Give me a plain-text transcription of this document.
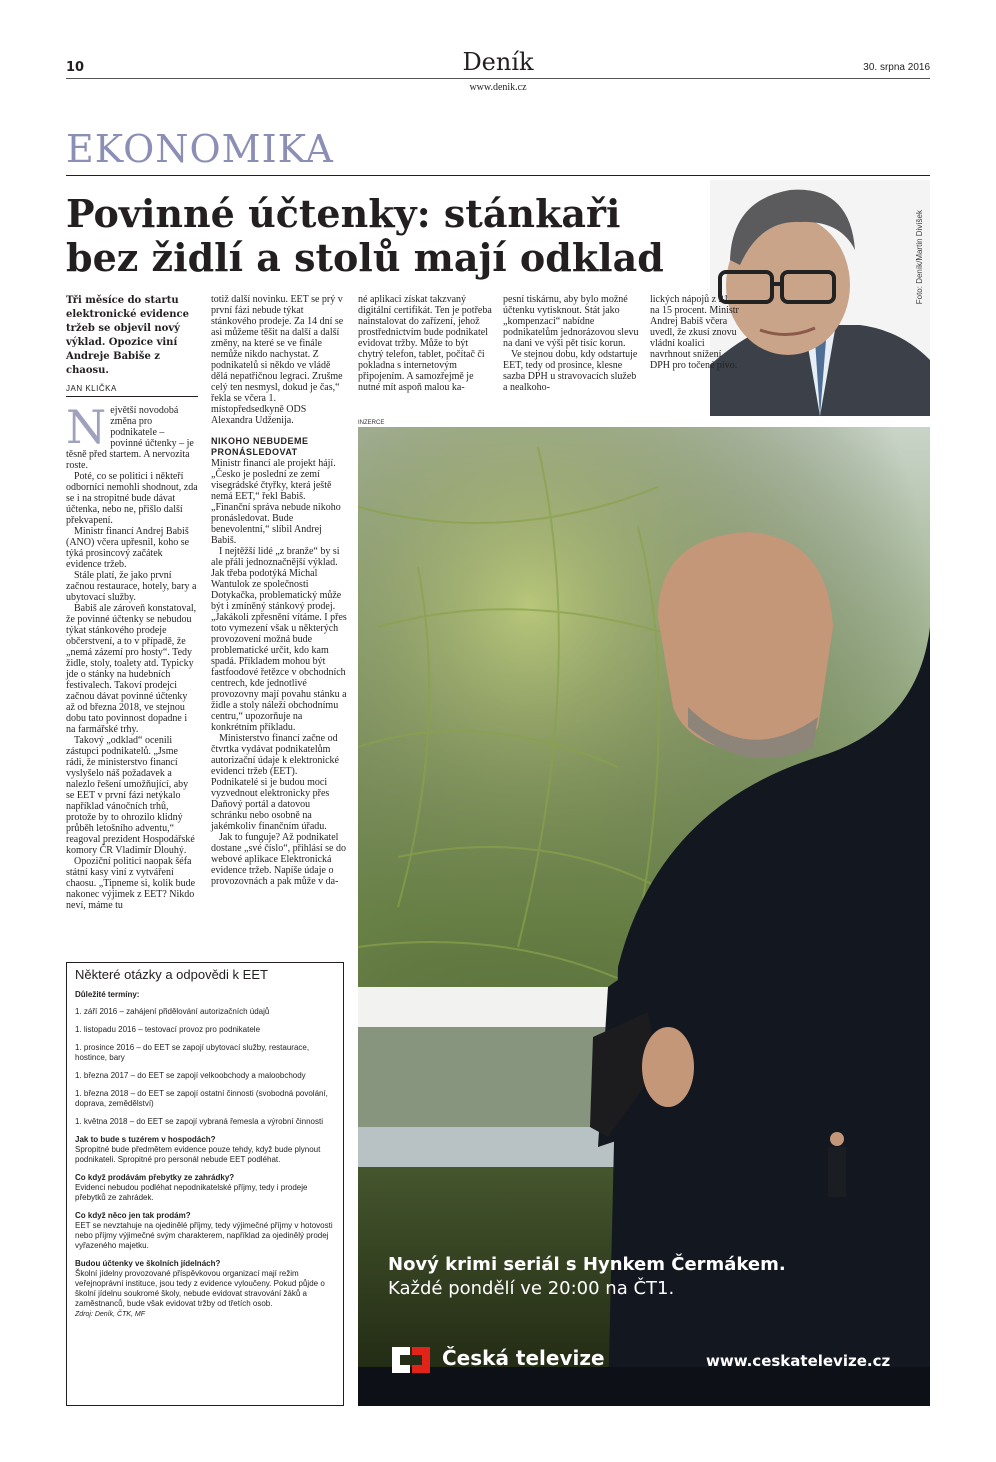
10	Deník	30. srpna 2016
www.denik.cz
EKONOMIKA
Povinné účtenky: stánkaři bez židlí a stolů mají odklad	Foto: Deník/Martin Divíšek
Tři měsíce do startu elektronické evidence tržeb se objevil nový výklad. Opozice viní Andreje Babiše z chaosu.
JAN KLIČKA
N ejvětší novodobá změna pro podnikatele – povinné účtenky – je těsně před startem. A nervozita roste.

Poté, co se politici i někteří odborníci nemohli shodnout, zda se i na stropitné bude dávat účtenka, nebo ne, přišlo další překvapení.

Ministr financí Andrej Babiš (ANO) včera upřesnil, koho se týká prosincový začátek evidence tržeb.

Stále platí, že jako první začnou restaurace, hotely, bary a ubytovací služby.

Babiš ale zároveň konstatoval, že povinné účtenky se nebudou týkat stánkového prodeje občerstvení, a to v případě, že „nemá zázemí pro hosty“. Tedy židle, stoly, toalety atd. Typicky jde o stánky na hudebních festivalech. Takoví prodejci začnou dávat povinné účtenky až od března 2018, ve stejnou dobu tato povinnost dopadne i na farmářské trhy.

Takový „odklad“ ocenili zástupci podnikatelů. „Jsme rádi, že ministerstvo financí vyslyšelo náš požadavek a nalezlo řešení umožňující, aby se EET v první fázi netýkalo například vánočních trhů, protože by to ohrozilo klidný průběh letošního adventu,“ reagoval prezident Hospodářské komory ČR Vladimír Dlouhý.

Opoziční politici naopak šéfa státní kasy viní z vytváření chaosu. „Tipneme si, kolik bude nakonec výjimek z EET? Nikdo neví, máme tu

totiž další novinku. EET se prý v první fázi nebude týkat stánkového prodeje. Za 14 dní se asi můžeme těšit na další a další změny, na které se ve finále nemůže nikdo nachystat. Z podnikatelů si někdo ve vládě dělá nepatřičnou legraci. Zrušme celý ten nesmysl, dokud je čas,“ řekla se včera 1. místopředsedkyně ODS Alexandra Udženija.

NIKOHO NEBUDEME PRONÁSLEDOVAT

Ministr financí ale projekt hájí. „Česko je poslední ze zemí visegrádské čtyřky, která ještě nemá EET,“ řekl Babiš. „Finanční správa nebude nikoho pronásledovat. Bude benevolentní,“ slíbil Andrej Babiš.

I nejtěžší lidé „z branže“ by si ale přáli jednoznačnější výklad. Jak třeba podotýká Michal Wantulok ze společnosti Dotykačka, problematický může být i zmíněný stánkový prodej. „Jakákoli zpřesnění vítáme. I přes toto vymezení však u některých provozovení možná bude problematické určit, kdo kam spadá. Příkladem mohou být fastfoodové řetězce v obchodních centrech, kde jednotlivé provozovny mají povahu stánku a židle a stoly náleží obchodnímu centru,“ upozorňuje na konkrétním příkladu.

Ministerstvo financí začne od čtvrtka vydávat podnikatelům autorizační údaje k elektronické evidenci tržeb (EET). Podnikatelé si je budou moci vyzvednout elektronicky přes Daňový portál a datovou schránku nebo osobně na jakémkoliv finančním úřadu.

Jak to funguje? Až podnikatel dostane „své číslo“, přihlásí se do webové aplikace Elektronická evidence tržeb. Napíše údaje o provozovnách a pak může v da-

né aplikaci získat takzvaný digitální certifikát. Ten je potřeba nainstalovat do zařízení, jehož prostřednictvím bude podnikatel evidovat tržby. Může to být chytrý telefon, tablet, počítač či pokladna s internetovým připojením. A samozřejmě je nutné mít aspoň malou ka-

pesní tiskárnu, aby bylo možné účtenku vytisknout. Stát jako „kompenzaci“ nabídne podnikatelům jednorázovou slevu na dani ve výši pět tisíc korun.

Ve stejnou dobu, kdy odstartuje EET, tedy od prosince, klesne sazba DPH u stravovacích služeb a nealkoho-

lických nápojů z 21 na 15 procent. Ministr Andrej Babiš včera uvedl, že zkusí znovu vládní koalici navrhnout snížení DPH pro točené pivo.

Některé otázky a odpovědi k EET
Důležité termíny:
1. září 2016 – zahájení přidělování autorizačních údajů
1. listopadu 2016 – testovací provoz pro podnikatele
1. prosince 2016 – do EET se zapojí ubytovací služby, restaurace, hostince, bary
1. března 2017 – do EET se zapojí velkoobchody a maloobchody
1. března 2018 – do EET se zapojí ostatní činnosti (svobodná povolání, doprava, zemědělství)
1. května 2018 – do EET se zapojí vybraná řemesla a výrobní činnosti
Jak to bude s tuzérem v hospodách?
Spropitné bude předmětem evidence pouze tehdy, když bude plynout podnikateli. Spropitné pro personál nebude EET podléhat.
Co když prodávám přebytky ze zahrádky?
Evidenci nebudou podléhat nepodnikatelské příjmy, tedy i prodeje přebytků ze zahrádek.
Co když něco jen tak prodám?
EET se nevztahuje na ojedinělé příjmy, tedy výjimečné příjmy v hotovosti nebo příjmy výjimečné svým charakterem, například za ojedinělý prodej vyřazeného majetku.
Budou účtenky ve školních jídelnách?
Školní jídelny provozované příspěvkovou organizací mají režim veřejnoprávní instituce, jsou tedy z evidence vyloučeny. Pokud půjde o školní jídelnu soukromé školy, nebude evidovat stravování žáků a zaměstnanců, bude však evidovat tržby od třetích osob.
Zdroj: Deník, ČTK, MF
INZERCE
Nový krimi seriál s Hynkem Čermákem.
Každé pondělí ve 20:00 na ČT1.
Česká televize	www.ceskatelevize.cz
